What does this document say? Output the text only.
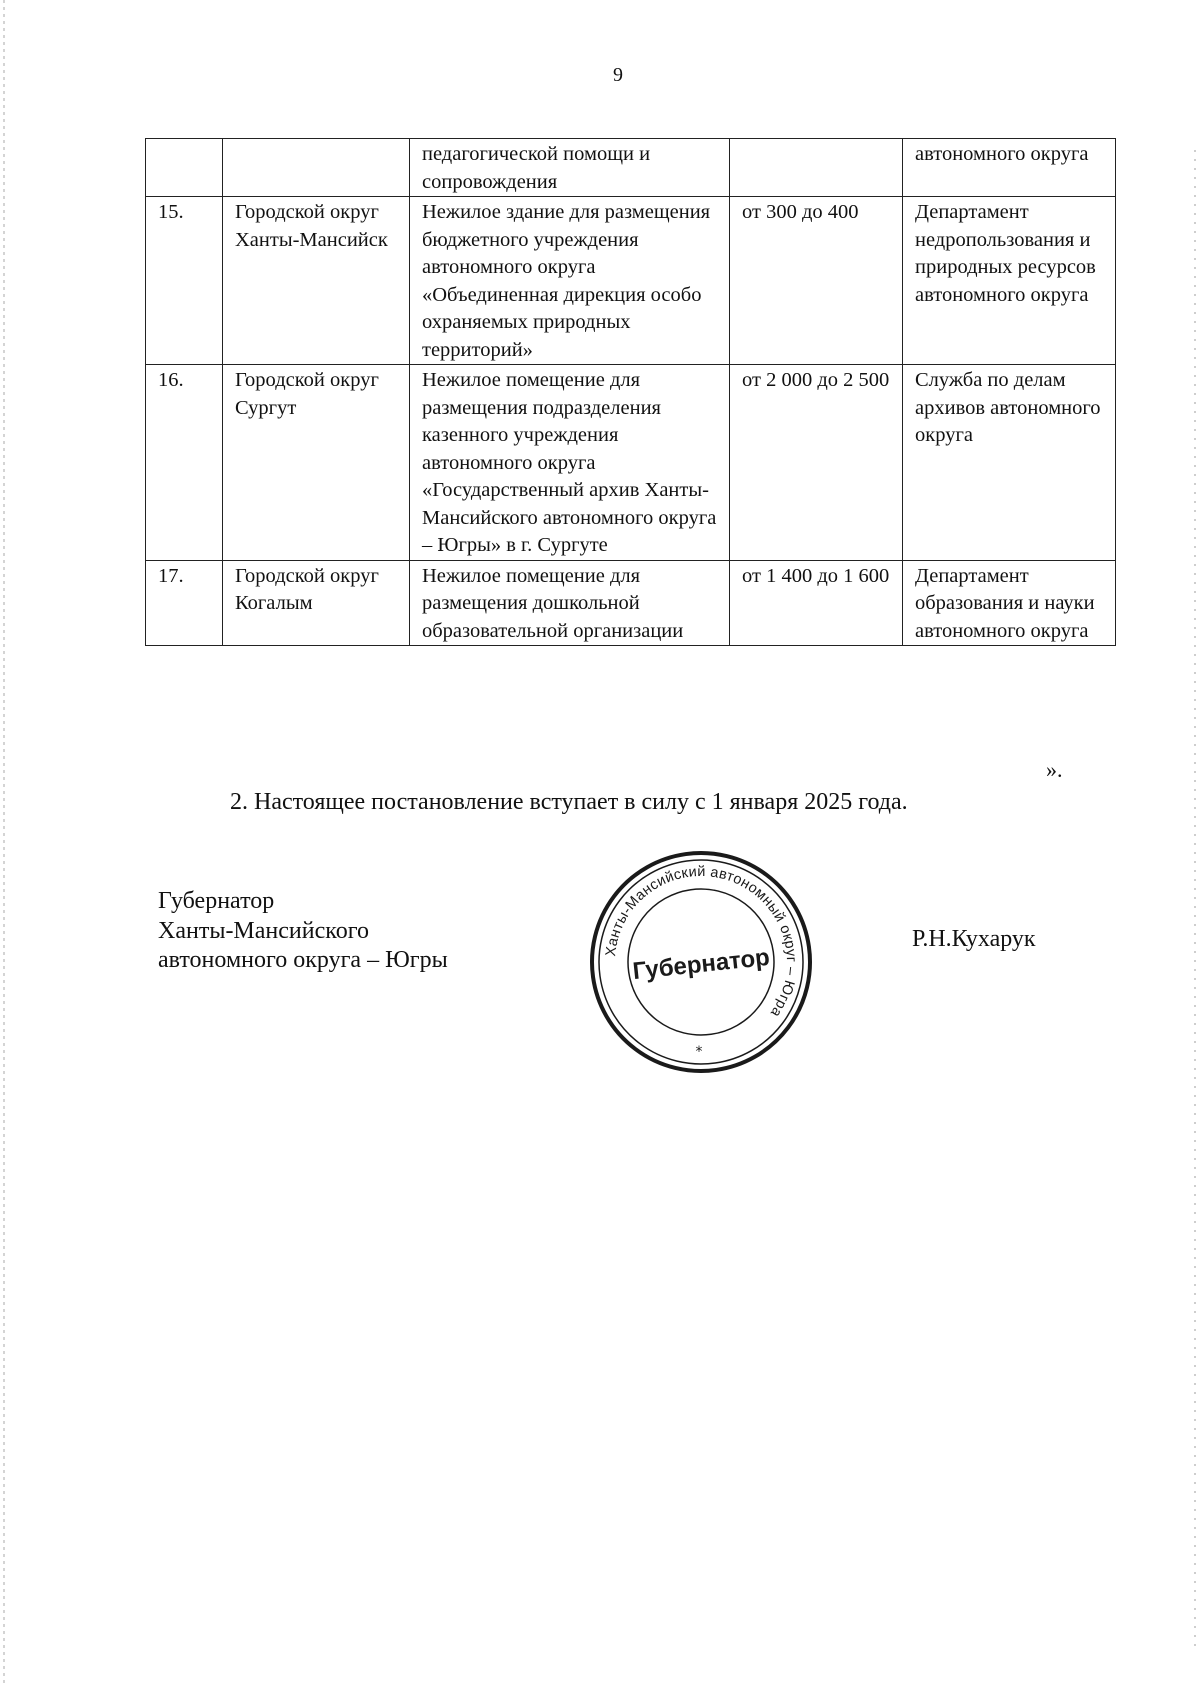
9
		педагогической помощи и сопровождения		автономного округа
15.	Городской округ Ханты-Мансийск	Нежилое здание для размещения бюджетного учреждения автономного округа «Объединенная дирекция особо охраняемых природных территорий»	от 300 до 400	Департамент недропользования и природных ресурсов автономного округа
16.	Городской округ Сургут	Нежилое помещение для размещения подразделения казенного учреждения автономного округа «Государственный архив Ханты-Мансийского автономного округа – Югры» в г. Сургуте	от 2 000 до 2 500	Служба по делам архивов автономного округа
17.	Городской округ Когалым	Нежилое помещение для размещения дошкольной образовательной организации	от 1 400 до 1 600	Департамент образования и науки автономного округа
».
2. Настоящее постановление вступает в силу с 1 января 2025 года.
Губернатор
Ханты-Мансийского
автономного округа – Югры	Ханты-Мансийский автономный округ – Югра
Губернатор
*
Р.Н.Кухарук
